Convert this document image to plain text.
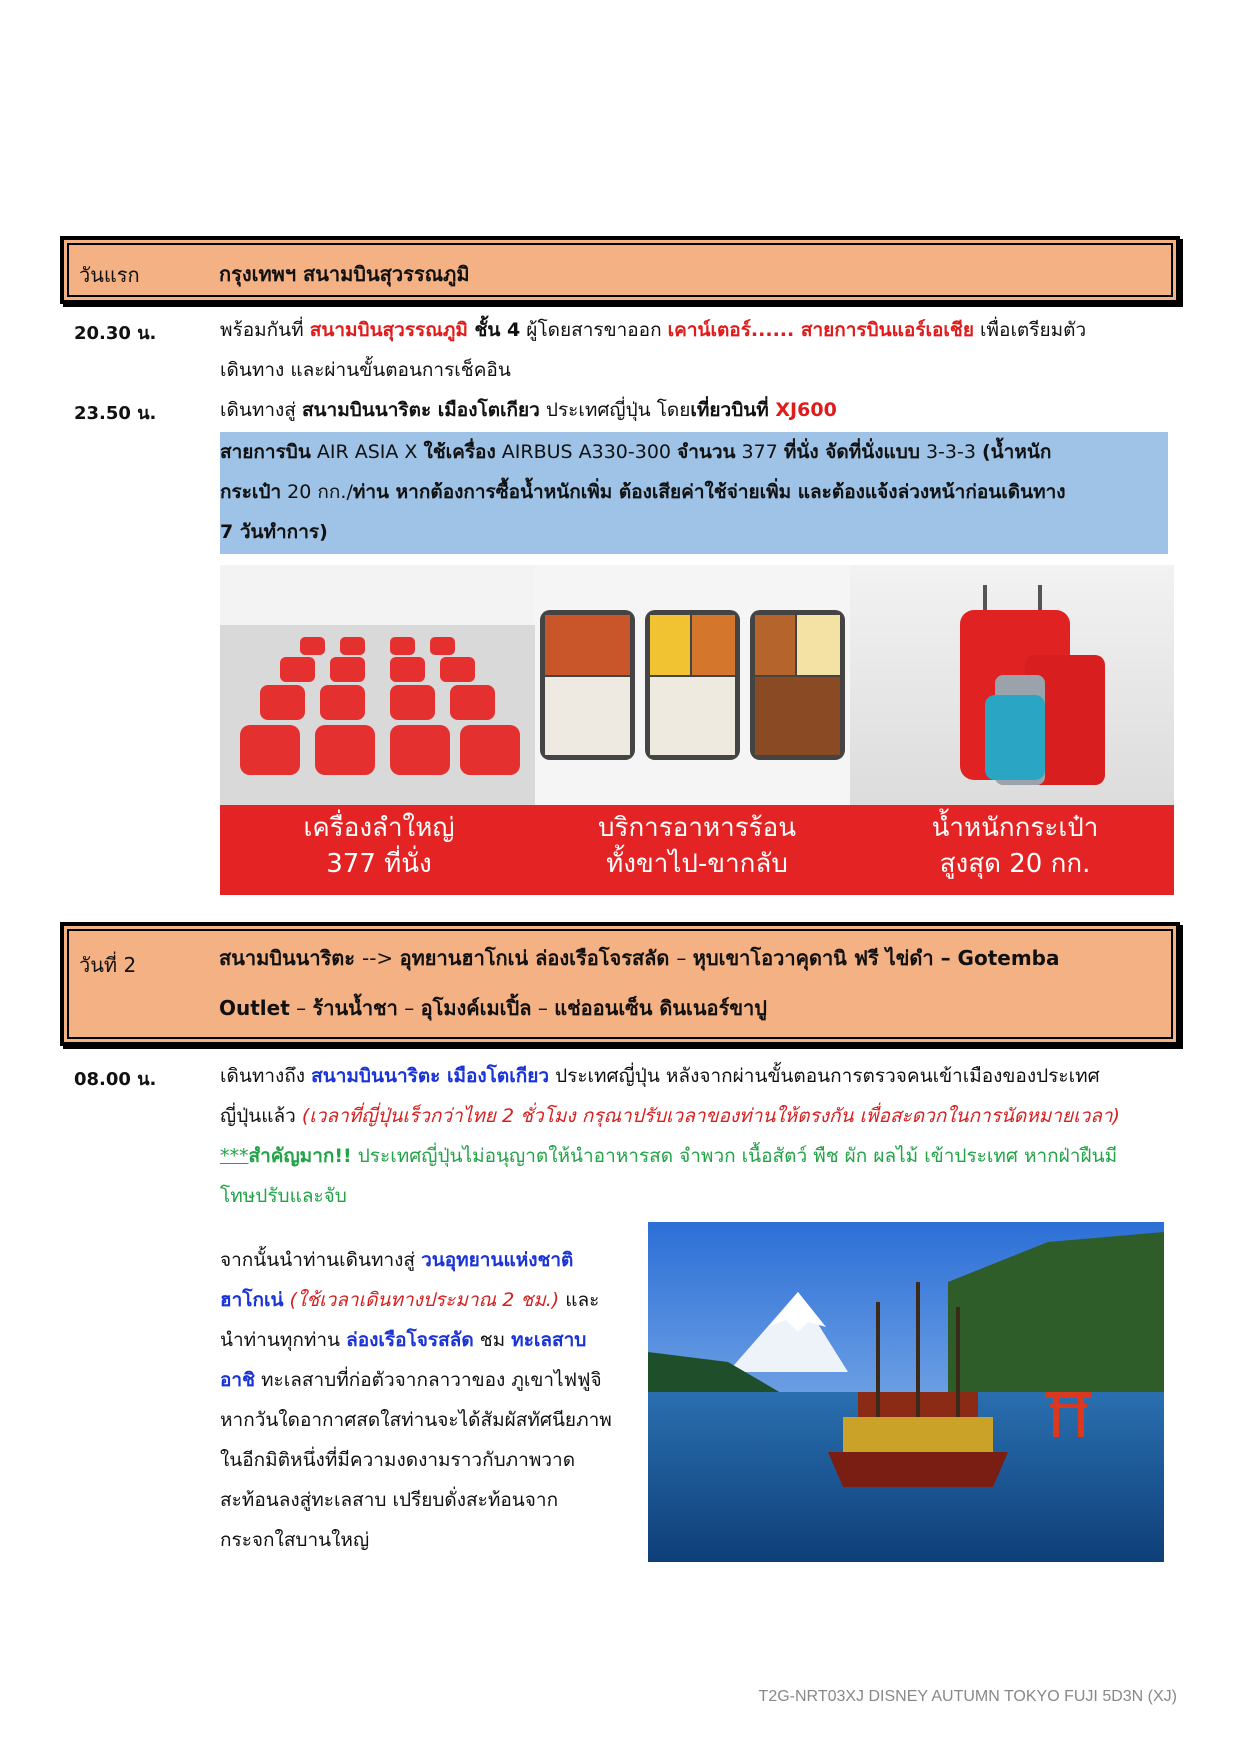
วันแรก	กรุงเทพฯ สนามบินสุวรรณภูมิ
20.30 น.	พร้อมกันที่ สนามบินสุวรรณภูมิ ชั้น 4 ผู้โดยสารขาออก เคาน์เตอร์...... สายการบินแอร์เอเชีย เพื่อเตรียมตัว
เดินทาง และผ่านขั้นตอนการเช็คอิน
23.50 น.	เดินทางสู่ สนามบินนาริตะ เมืองโตเกียว ประเทศญี่ปุ่น โดยเที่ยวบินที่ XJ600
สายการบิน AIR ASIA X ใช้เครื่อง AIRBUS A330-300 จำนวน 377 ที่นั่ง จัดที่นั่งแบบ 3-3-3 (น้ำหนัก
กระเป๋า 20 กก./ท่าน หากต้องการซื้อน้ำหนักเพิ่ม ต้องเสียค่าใช้จ่ายเพิ่ม และต้องแจ้งล่วงหน้าก่อนเดินทาง
7 วันทำการ)
เครื่องลำใหญ่
377 ที่นั่ง
บริการอาหารร้อน
ทั้งขาไป-ขากลับ
น้ำหนักกระเป๋า
สูงสุด 20 กก.
วันที่ 2	สนามบินนาริตะ --> อุทยานฮาโกเน่ ล่องเรือโจรสลัด – หุบเขาโอวาคุดานิ ฟรี ไข่ดำ – Gotemba
Outlet – ร้านน้ำชา – อุโมงค์เมเปิ้ล – แช่ออนเซ็น ดินเนอร์ขาปู
08.00 น.	เดินทางถึง สนามบินนาริตะ เมืองโตเกียว ประเทศญี่ปุ่น หลังจากผ่านขั้นตอนการตรวจคนเข้าเมืองของประเทศ
ญี่ปุ่นแล้ว (เวลาที่ญี่ปุ่นเร็วกว่าไทย 2 ชั่วโมง กรุณาปรับเวลาของท่านให้ตรงกัน เพื่อสะดวกในการนัดหมายเวลา)
***สำคัญมาก!! ประเทศญี่ปุ่นไม่อนุญาตให้นำอาหารสด จำพวก เนื้อสัตว์ พืช ผัก ผลไม้ เข้าประเทศ หากฝ่าฝืนมี
โทษปรับและจับ
จากนั้นนำท่านเดินทางสู่ วนอุทยานแห่งชาติ
ฮาโกเน่ (ใช้เวลาเดินทางประมาณ 2 ชม.) และ
นำท่านทุกท่าน ล่องเรือโจรสลัด ชม ทะเลสาบ
อาชิ ทะเลสาบที่ก่อตัวจากลาวาของ ภูเขาไฟฟูจิ
หากวันใดอากาศสดใสท่านจะได้สัมผัสทัศนียภาพ
ในอีกมิติหนึ่งที่มีความงดงามราวกับภาพวาด
สะท้อนลงสู่ทะเลสาบ เปรียบดั่งสะท้อนจาก
กระจกใสบานใหญ่
T2G-NRT03XJ DISNEY AUTUMN TOKYO FUJI 5D3N (XJ)
